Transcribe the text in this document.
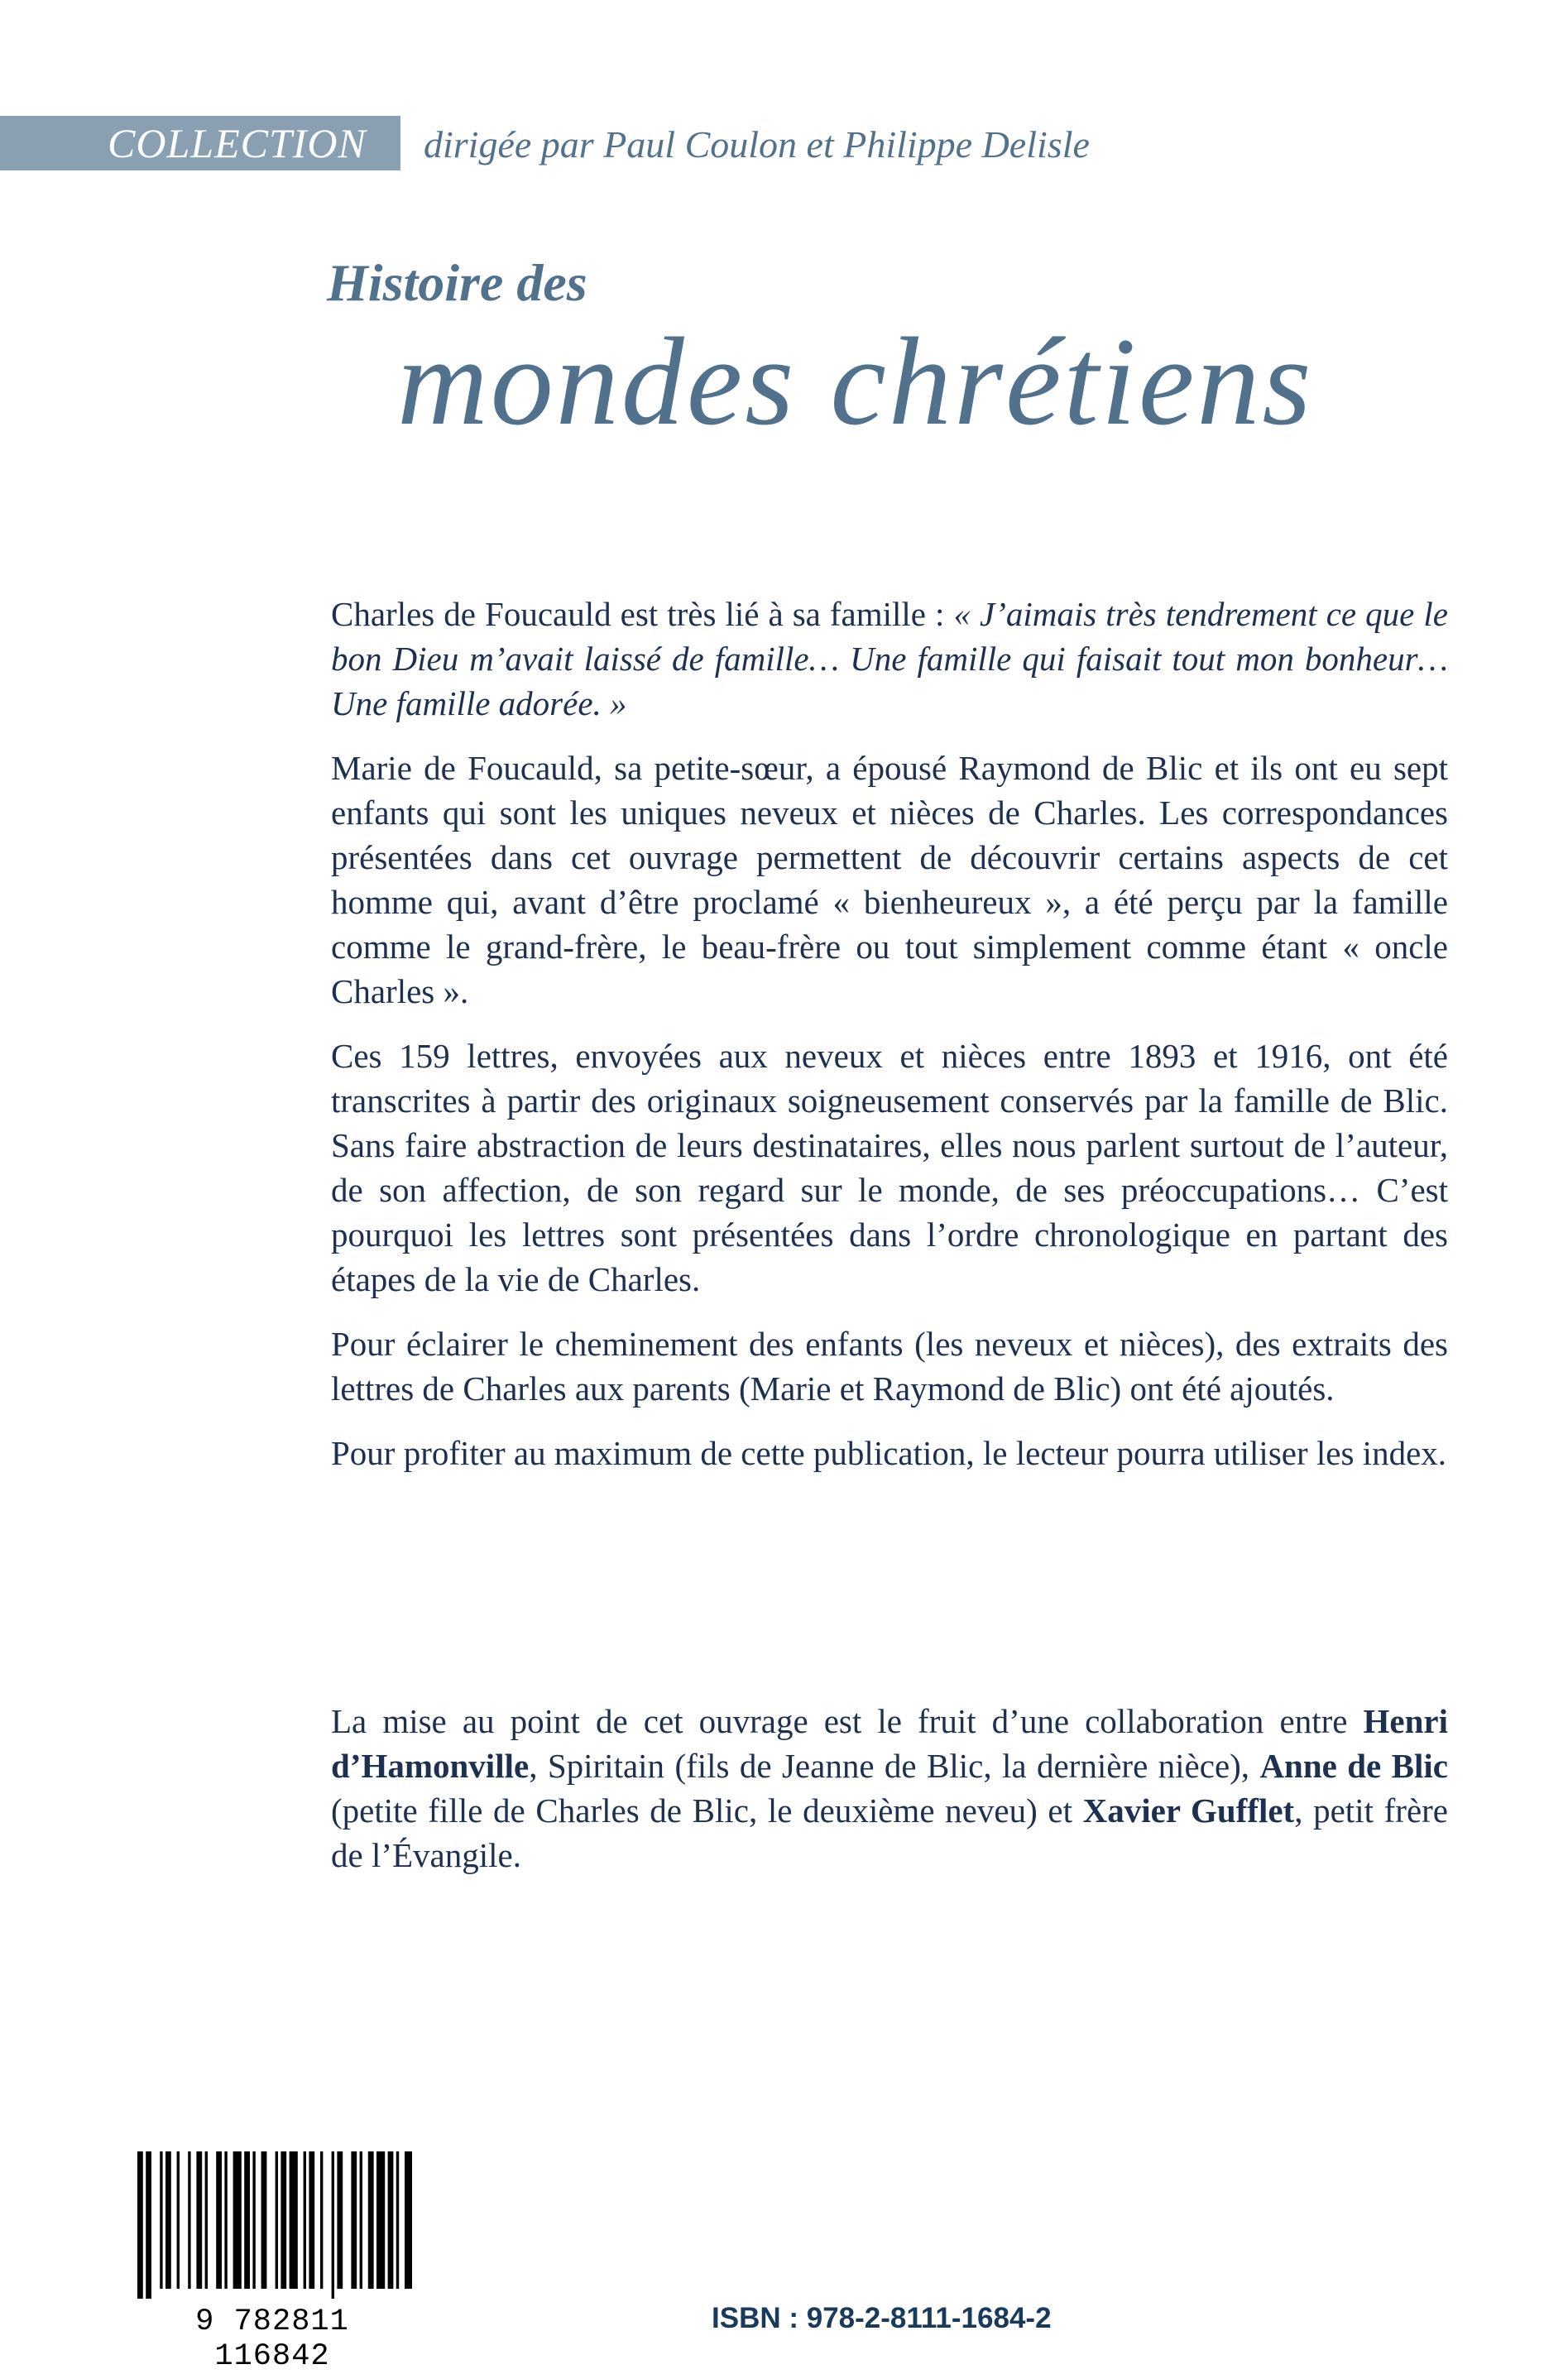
COLLECTION dirigée par Paul Coulon et Philippe Delisle
Histoire des
mondes chrétiens

Charles de Foucauld est très lié à sa famille : « J’aimais très tendrement ce que le bon Dieu m’avait laissé de famille… Une famille qui faisait tout mon bonheur… Une famille adorée. »

Marie de Foucauld, sa petite-sœur, a épousé Raymond de Blic et ils ont eu sept enfants qui sont les uniques neveux et nièces de Charles. Les correspondances présentées dans cet ouvrage permettent de découvrir certains aspects de cet homme qui, avant d’être proclamé « bienheureux », a été perçu par la famille comme le grand-frère, le beau-frère ou tout simplement comme étant « oncle Charles ».

Ces 159 lettres, envoyées aux neveux et nièces entre 1893 et 1916, ont été transcrites à partir des originaux soigneusement conservés par la famille de Blic. Sans faire abstraction de leurs destinataires, elles nous parlent surtout de l’auteur, de son affection, de son regard sur le monde, de ses préoccupations… C’est pourquoi les lettres sont présentées dans l’ordre chronologique en partant des étapes de la vie de Charles.

Pour éclairer le cheminement des enfants (les neveux et nièces), des extraits des lettres de Charles aux parents (Marie et Raymond de Blic) ont été ajoutés.

Pour profiter au maximum de cette publication, le lecteur pourra utiliser les index.

La mise au point de cet ouvrage est le fruit d’une collaboration entre Henri d’Hamonville, Spiritain (fils de Jeanne de Blic, la dernière nièce), Anne de Blic (petite fille de Charles de Blic, le deuxième neveu) et Xavier Gufflet, petit frère de l’Évangile.

9 782811 116842
ISBN : 978-2-8111-1684-2
